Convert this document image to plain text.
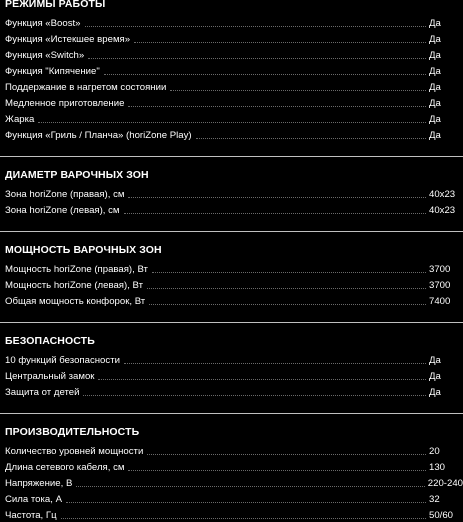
РЕЖИМЫ РАБОТЫ
Функция «Boost»	Да
Функция «Истекшее время»	Да
Функция «Switch»	Да
Функция "Кипячение"	Да
Поддержание в нагретом состоянии	Да
Медленное приготовление	Да
Жарка	Да
Функция «Гриль / Планча» (horiZone Play)	Да
ДИАМЕТР ВАРОЧНЫХ ЗОН
Зона horiZone (правая), см	40x23
Зона horiZone (левая), см	40x23
МОЩНОСТЬ ВАРОЧНЫХ ЗОН
Мощность horiZone (правая), Вт	3700
Мощность horiZone (левая), Вт	3700
Общая мощность конфорок, Вт	7400
БЕЗОПАСНОСТЬ
10 функций безопасности	Да
Центральный замок	Да
Защита от детей	Да
ПРОИЗВОДИТЕЛЬНОСТЬ
Количество уровней мощности	20
Длина сетевого кабеля, см	130
Напряжение, В	220-240
Сила тока, А	32
Частота, Гц	50/60
